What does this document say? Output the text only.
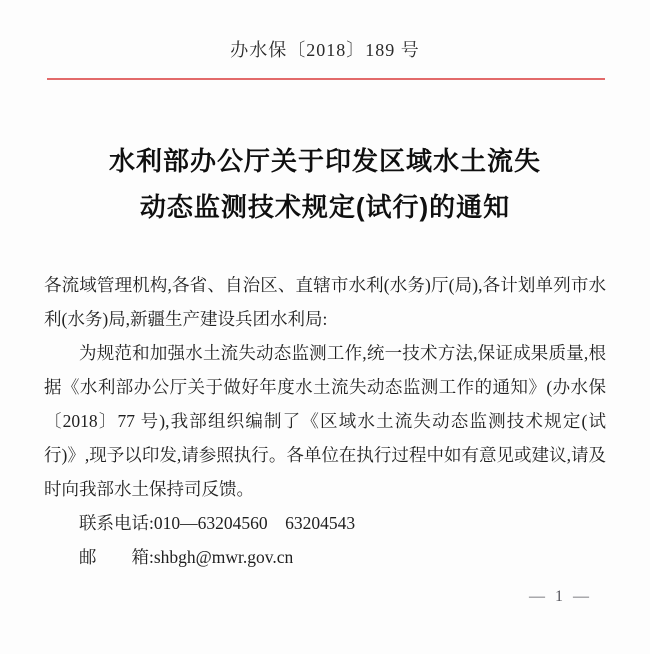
办水保〔2018〕189 号
水利部办公厅关于印发区域水土流失
动态监测技术规定(试行)的通知

各流域管理机构,各省、自治区、直辖市水利(水务)厅(局),各计划单列市水利(水务)局,新疆生产建设兵团水利局:

为规范和加强水土流失动态监测工作,统一技术方法,保证成果质量,根据《水利部办公厅关于做好年度水土流失动态监测工作的通知》(办水保〔2018〕77 号),我部组织编制了《区域水土流失动态监测技术规定(试行)》,现予以印发,请参照执行。各单位在执行过程中如有意见或建议,请及时向我部水土保持司反馈。

联系电话:010—63204560　63204543

邮　　箱:shbgh@mwr.gov.cn

— 1 —
